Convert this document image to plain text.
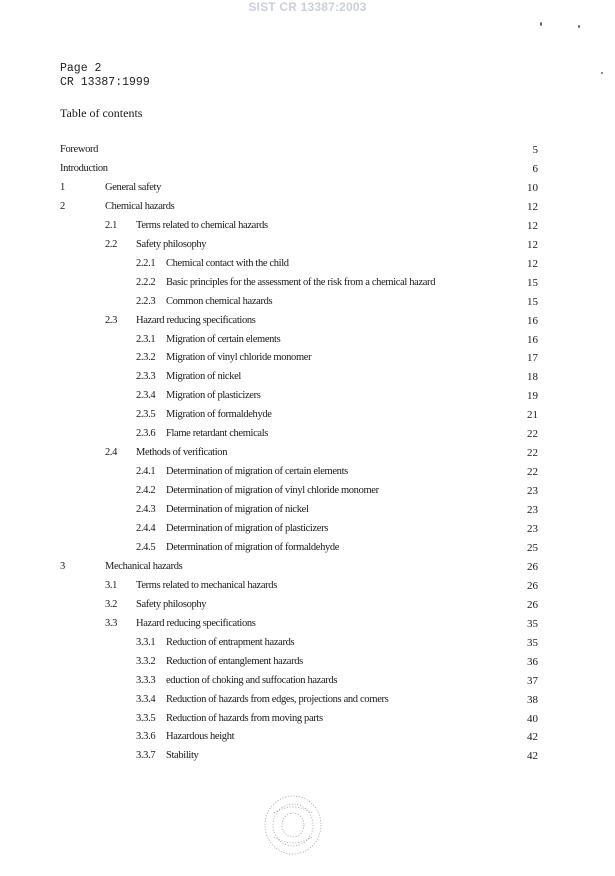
SIST CR 13387:2003
Page 2
CR 13387:1999
Table of contents
Foreword	5
Introduction	6
1	General safety	10
2	Chemical hazards	12
2.1 Terms related to chemical hazards	12
2.2 Safety philosophy	12
2.2.1 Chemical contact with the child	12
2.2.2 Basic principles for the assessment of the risk from a chemical hazard	15
2.2.3 Common chemical hazards	15
2.3 Hazard reducing specifications	16
2.3.1 Migration of certain elements	16
2.3.2 Migration of vinyl chloride monomer	17
2.3.3 Migration of nickel	18
2.3.4 Migration of plasticizers	19
2.3.5 Migration of formaldehyde	21
2.3.6 Flame retardant chemicals	22
2.4 Methods of verification	22
2.4.1 Determination of migration of certain elements	22
2.4.2 Determination of migration of vinyl chloride monomer	23
2.4.3 Determination of migration of nickel	23
2.4.4 Determination of migration of plasticizers	23
2.4.5 Determination of migration of formaldehyde	25
3	Mechanical hazards	26
3.1 Terms related to mechanical hazards	26
3.2 Safety philosophy	26
3.3 Hazard reducing specifications	35
3.3.1 Reduction of entrapment hazards	35
3.3.2 Reduction of entanglement hazards	36
3.3.3 eduction of choking and suffocation hazards	37
3.3.4 Reduction of hazards from edges, projections and corners	38
3.3.5 Reduction of hazards from moving parts	40
3.3.6 Hazardous height	42
3.3.7 Stability	42
